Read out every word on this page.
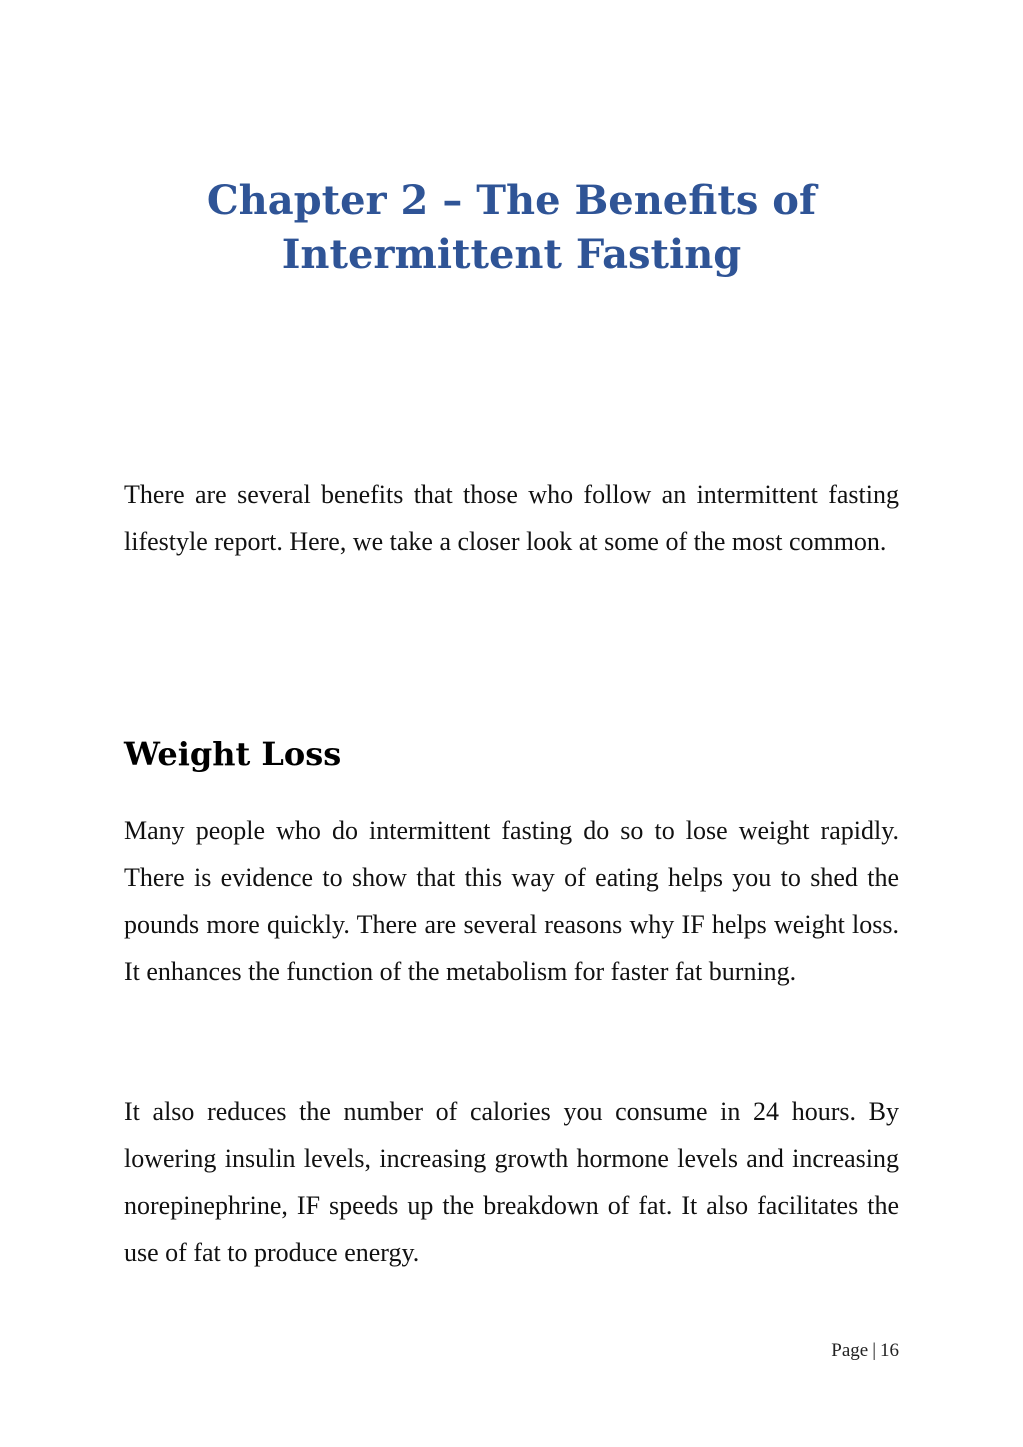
Chapter 2 – The Benefits of
Intermittent Fasting

There are several benefits that those who follow an intermittent fasting lifestyle report. Here, we take a closer look at some of the most common.

Weight Loss

Many people who do intermittent fasting do so to lose weight rapidly. There is evidence to show that this way of eating helps you to shed the pounds more quickly. There are several reasons why IF helps weight loss. It enhances the function of the metabolism for faster fat burning.

It also reduces the number of calories you consume in 24 hours. By lowering insulin levels, increasing growth hormone levels and increasing norepinephrine, IF speeds up the breakdown of fat. It also facilitates the use of fat to produce energy.

Page | 16
